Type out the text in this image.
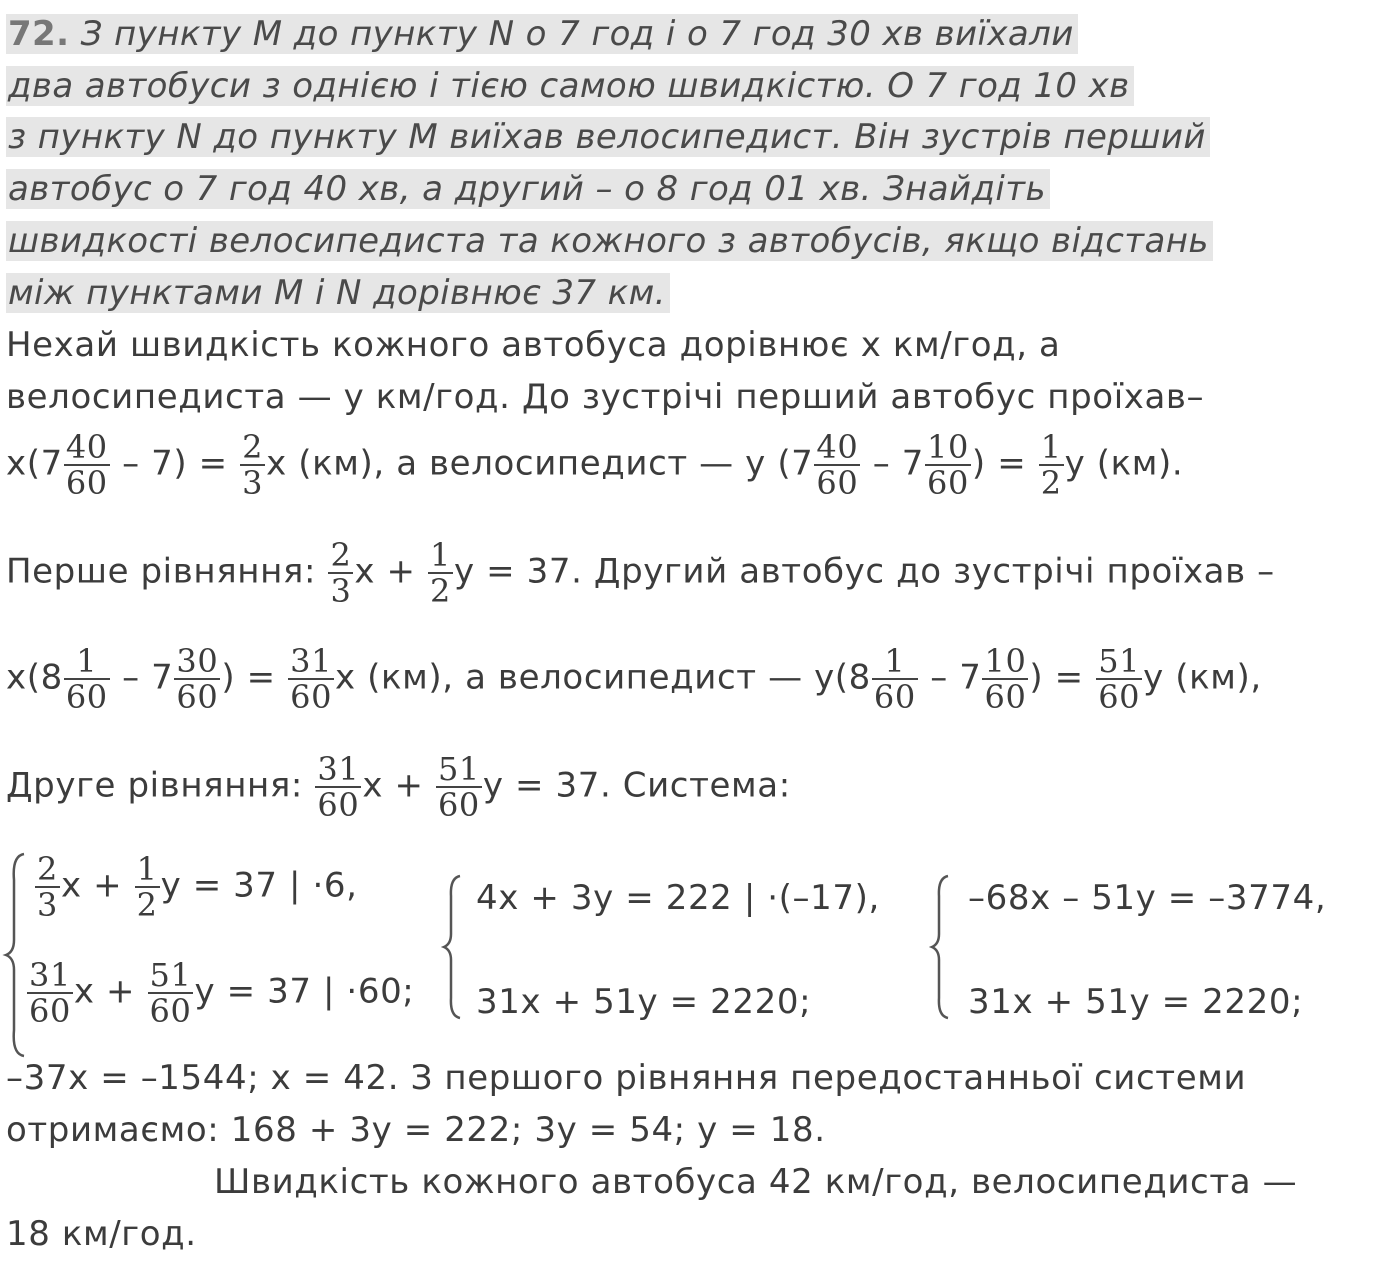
72. З пункту M до пункту N о 7 год і о 7 год 30 хв виїхали
два автобуси з однією і тією самою швидкістю. О 7 год 10 хв
з пункту N до пункту M виїхав велосипедист. Він зустрів перший
автобус о 7 год 40 хв, а другий – о 8 год 01 хв. Знайдіть
швидкості велосипедиста та кожного з автобусів, якщо відстань
між пунктами M і N дорівнює 37 км.
Нехай швидкість кожного автобуса дорівнює x км/год, а
велосипедиста — у км/год. До зустрічі перший автобус проїхав–
$x(7 \frac{40}{60} - 7) = \frac{2}{3}$ x (км), а велосипедист — у ($7 \frac{40}{60} - 7 \frac{10}{60}$ ) = $\frac{1}{2}$ у (км).
Перше рівняння: $\frac{2}{3}$ $x + \frac{1}{2}$ у = 37. Другий автобус до зустрічі проїхав –
$x(8 \frac{1}{60} - 7 \frac{30}{60}$ ) = $\frac{31}{60}$ x (км), а велосипедист — $у(8 \frac{1}{60} - 7 \frac{10}{60}$ ) = $\frac{51}{60}$ у (км),
Друге рівняння: $\frac{31}{60}$ $x + \frac{51}{60}$ у = 37. Система:
$\frac{2}{3}$ $x + \frac{1}{2}$ у = 37 | ·6,
$\frac{31}{60}$ $x + \frac{51}{60}$ у = 37 | ·60;
4x + 3у = 222 | ·(–17),
31x + 51у = 2220;
–68x – 51у = –3774,
31x + 51у = 2220;
–37x = –1544; x = 42. З першого рівняння передостанньої системи
отримаємо: 168 + 3у = 222; 3у = 54; у = 18.
Швидкість кожного автобуса 42 км/год, велосипедиста —
18 км/год.
